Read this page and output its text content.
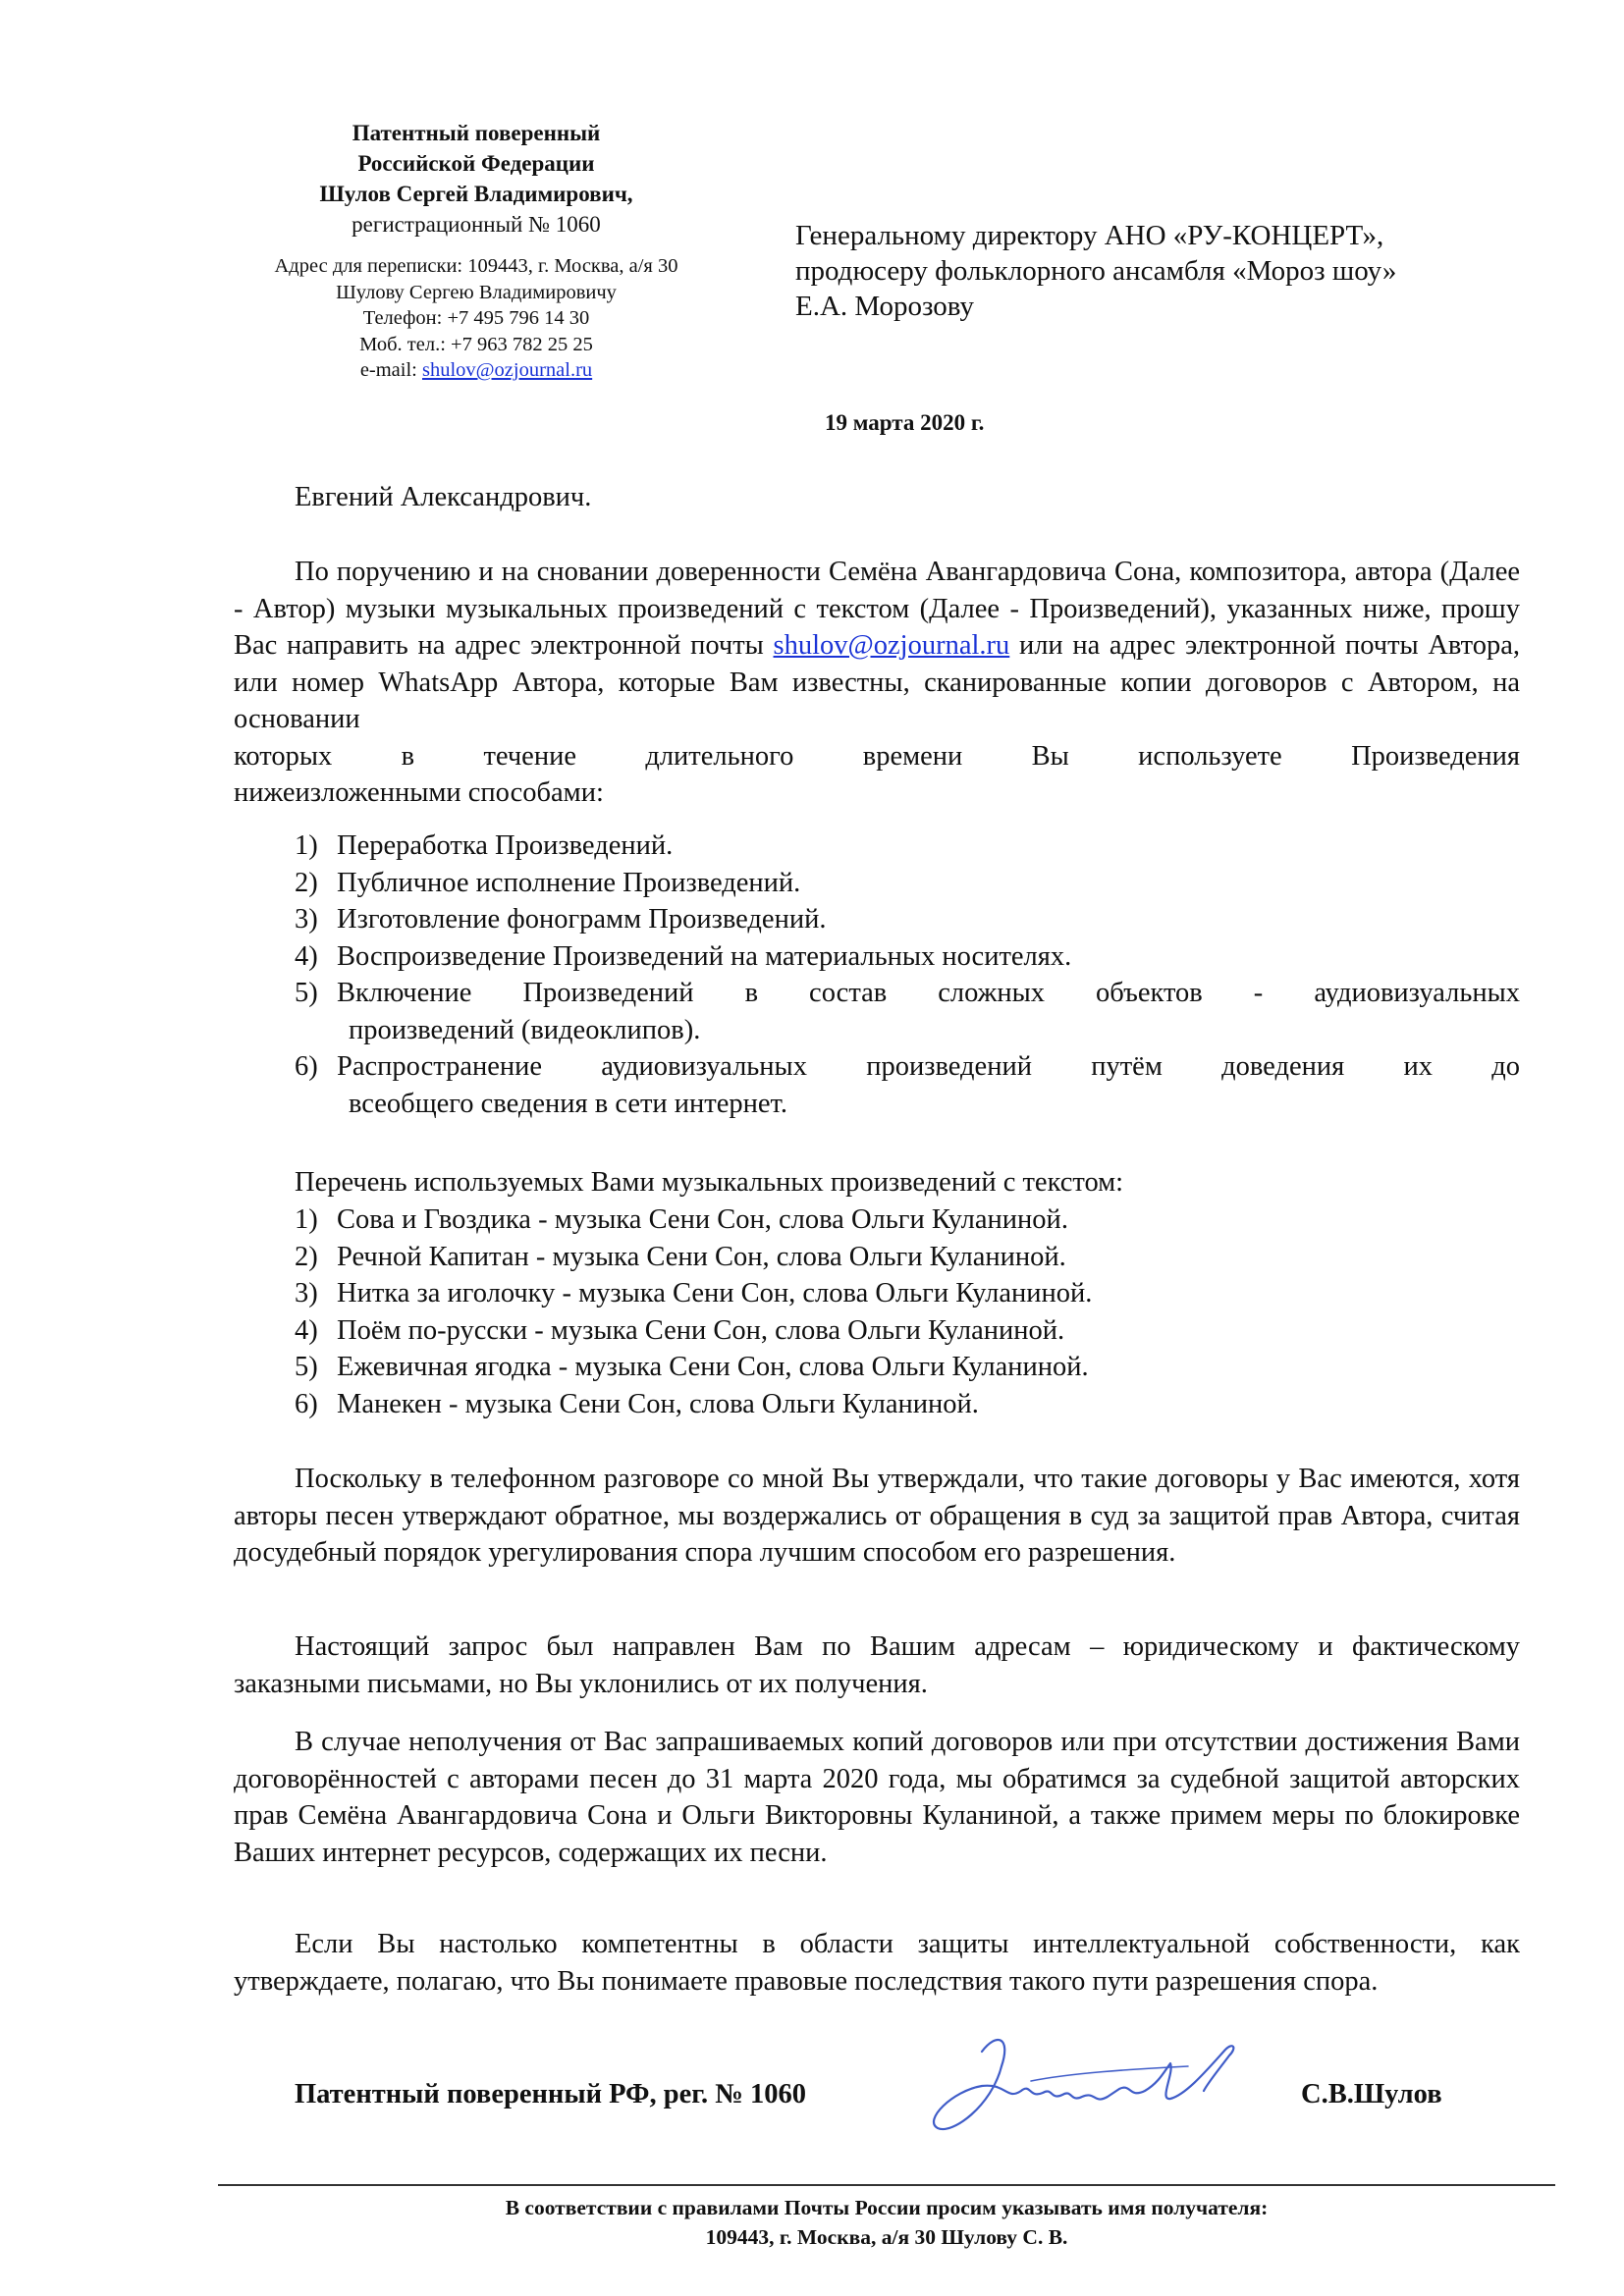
Патентный поверенный
Российской Федерации
Шулов Сергей Владимирович,
регистрационный № 1060
Адрес для переписки: 109443, г. Москва, а/я 30
Шулову Сергею Владимировичу
Телефон: +7 495 796 14 30
Моб. тел.: +7 963 782 25 25
e-mail: shulov@ozjournal.ru
Генеральному директору АНО «РУ-КОНЦЕРТ»,
продюсеру фольклорного ансамбля «Мороз шоу»
Е.А. Морозову
19 марта 2020 г.
Евгений Александрович.
По поручению и на сновании доверенности Семёна Авангардовича Сона, композитора, автора (Далее - Автор) музыки музыкальных произведений с текстом (Далее - Произведений), указанных ниже, прошу Вас направить на адрес электронной почты shulov@ozjournal.ru или на адрес электронной почты Автора, или номер WhatsApp Автора, которые Вам известны, сканированные копии договоров с Автором, на основании
которых в течение длительного времени Вы используете Произведения
нижеизложенными способами:
1) Переработка Произведений.
2) Публичное исполнение Произведений.
3) Изготовление фонограмм Произведений.
4) Воспроизведение Произведений на материальных носителях.
5) Включение Произведений в состав сложных объектов - аудиовизуальных
произведений (видеоклипов).
6) Распространение аудиовизуальных произведений путём доведения их до
всеобщего сведения в сети интернет.
Перечень используемых Вами музыкальных произведений с текстом:
1) Сова и Гвоздика - музыка Сени Сон, слова Ольги Куланиной.
2) Речной Капитан - музыка Сени Сон, слова Ольги Куланиной.
3) Нитка за иголочку - музыка Сени Сон, слова Ольги Куланиной.
4) Поём по-русски - музыка Сени Сон, слова Ольги Куланиной.
5) Ежевичная ягодка - музыка Сени Сон, слова Ольги Куланиной.
6) Манекен - музыка Сени Сон, слова Ольги Куланиной.
Поскольку в телефонном разговоре со мной Вы утверждали, что такие договоры у Вас имеются, хотя авторы песен утверждают обратное, мы воздержались от обращения в суд за защитой прав Автора, считая досудебный порядок урегулирования спора лучшим способом его разрешения.
Настоящий запрос был направлен Вам по Вашим адресам – юридическому и фактическому заказными письмами, но Вы уклонились от их получения.
В случае неполучения от Вас запрашиваемых копий договоров или при отсутствии достижения Вами договорённостей с авторами песен до 31 марта 2020 года, мы обратимся за судебной защитой авторских прав Семёна Авангардовича Сона и Ольги Викторовны Куланиной, а также примем меры по блокировке Ваших интернет ресурсов, содержащих их песни.
Если Вы настолько компетентны в области защиты интеллектуальной собственности, как утверждаете, полагаю, что Вы понимаете правовые последствия такого пути разрешения спора.
Патентный поверенный РФ, рег. № 1060	С.В.Шулов
В соответствии с правилами Почты России просим указывать имя получателя:
109443, г. Москва, а/я 30 Шулову С. В.
